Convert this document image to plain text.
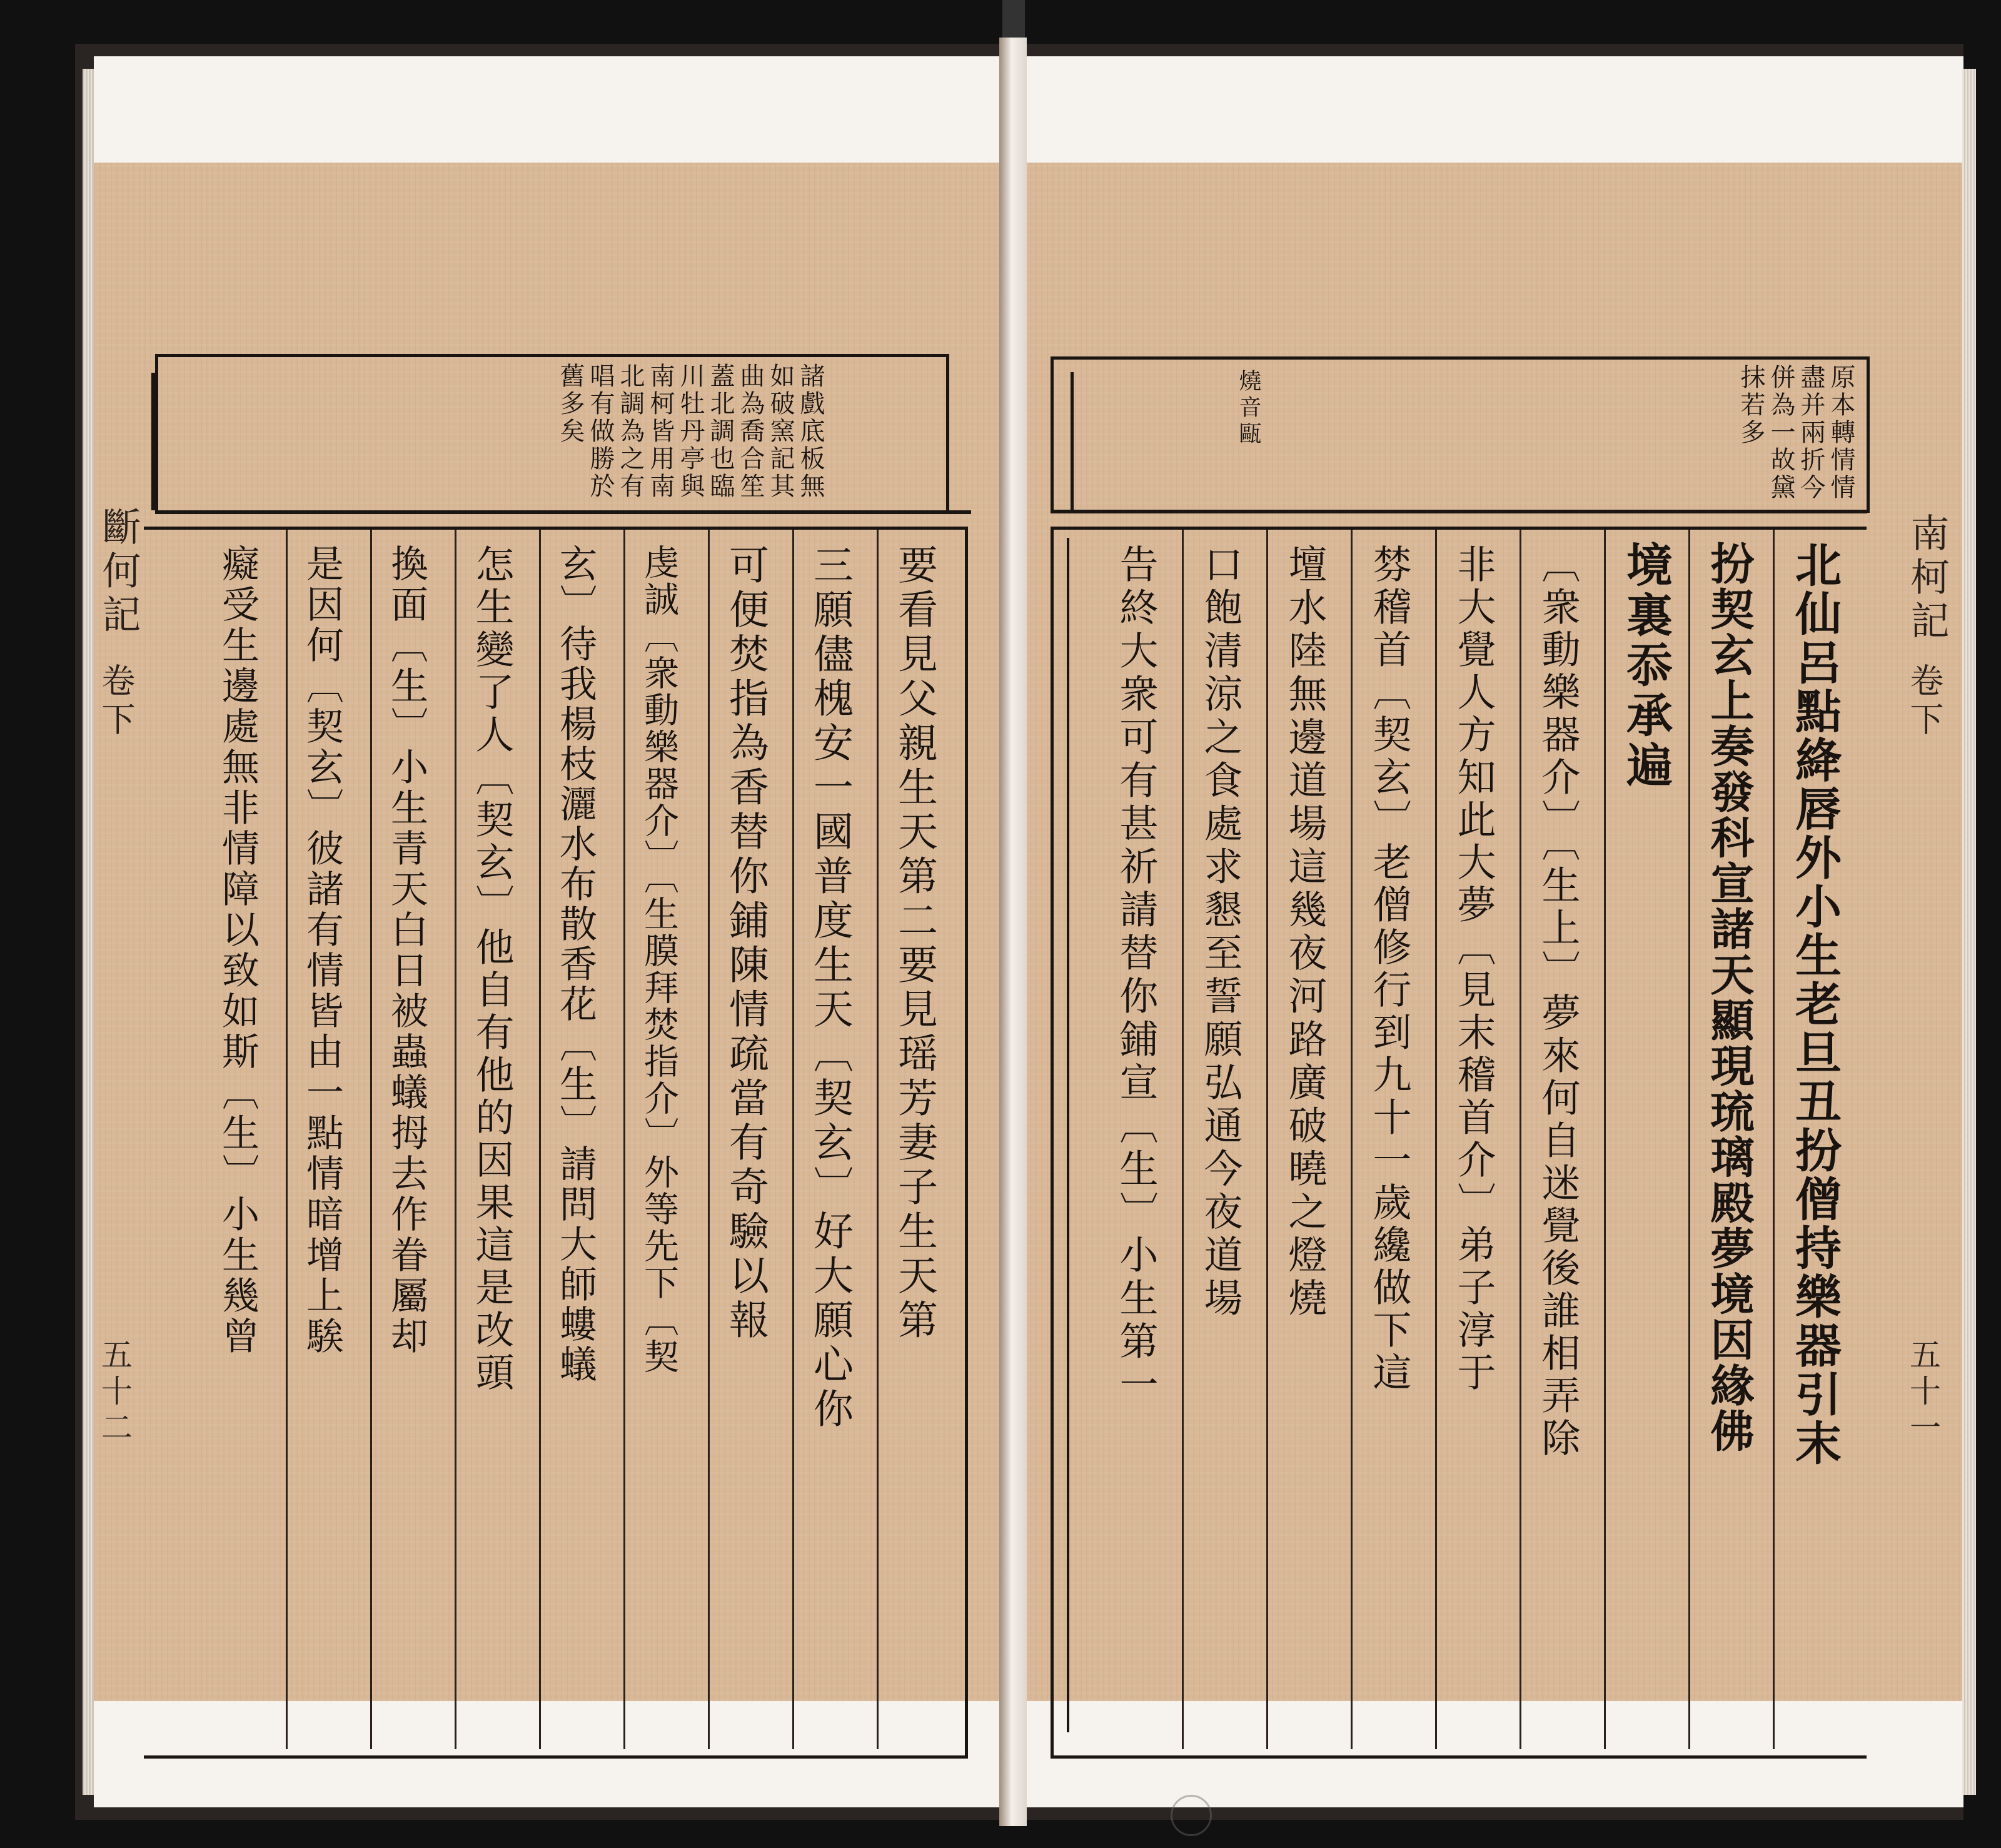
諸戲底板無
如破窯記其
曲為喬合笙
蓋北調也臨
川牡丹亭與
南柯皆用南
北調為之有
唱有做勝於
舊多矣
要看見父親生天第二要見瑶芳妻子生天第
三願儘槐安一國普度生天〔契玄〕好大願心你
可便焚指為香替你鋪陳情疏當有奇驗以報
虔誠〔衆動樂器介〕〔生膜拜焚指介〕外等先下〔契
玄〕待我楊枝灑水布散香花〔生〕請問大師螻蟻
怎生變了人〔契玄〕他自有他的因果這是改頭
換面〔生〕小生青天白日被蟲蟻拇去作眷屬却
是因何〔契玄〕彼諸有情皆由一點情暗增上騃
癡受生邊處無非情障以致如斯〔生〕小生幾曾
斷何記
卷下
五十二
原本轉情情
盡并兩折今
併為一故黛
抹若多
燒音甌
北仙呂點絳唇外小生老旦丑扮僧持樂器引末
扮契玄上奏發科宣諸天顯現琉璃殿夢境因緣佛
境裏忝承遍
〔衆動樂器介〕〔生上〕夢來何自迷覺後誰相弄除
非大覺人方知此大夢〔見末稽首介〕弟子淳于
棼稽首〔契玄〕老僧修行到九十一歲纔做下這
壇水陸無邊道場這幾夜河路廣破曉之燈燒
口飽清涼之食處求懇至誓願弘通今夜道場
告終大衆可有甚祈請替你鋪宣〔生〕小生第一	南柯記
卷下
五十一
